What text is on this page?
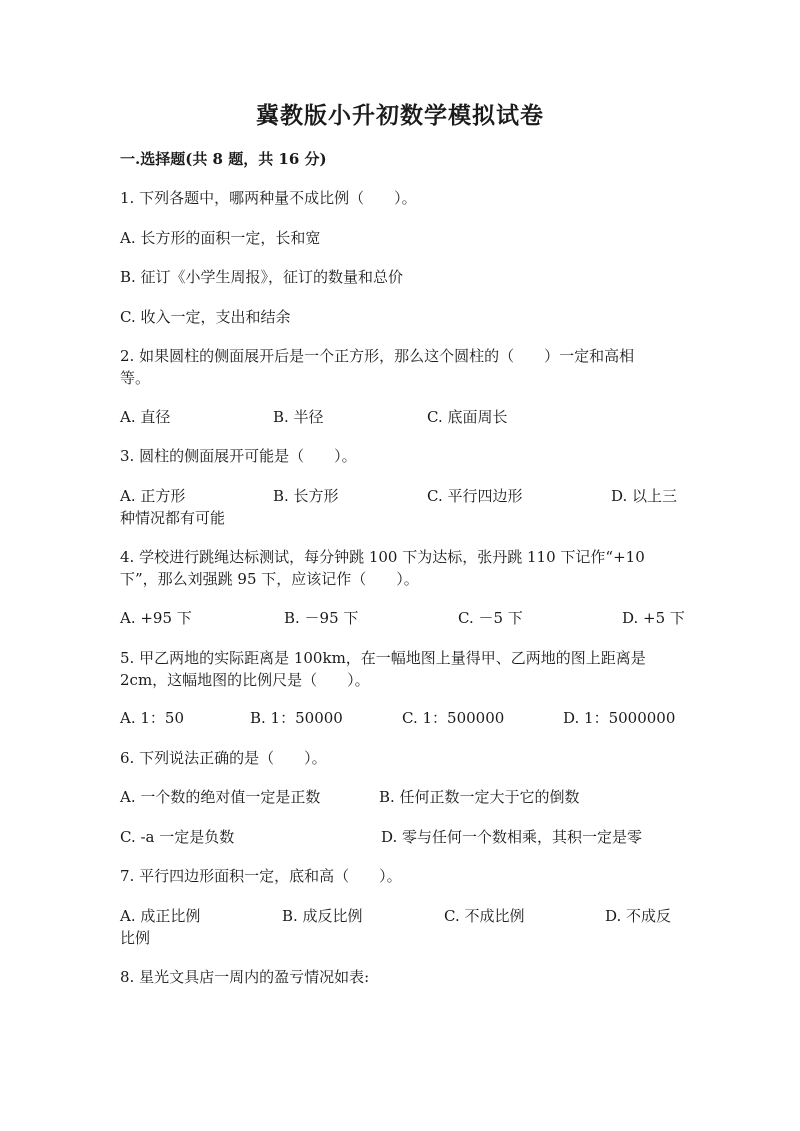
冀教版小升初数学模拟试卷
一.选择题(共 8 题，共 16 分)
1. 下列各题中，哪两种量不成比例（　　）。
A. 长方形的面积一定，长和宽
B. 征订《小学生周报》，征订的数量和总价
C. 收入一定，支出和结余
2. 如果圆柱的侧面展开后是一个正方形，那么这个圆柱的（　　）一定和高相
等。
A. 直径	B. 半径	C. 底面周长
3. 圆柱的侧面展开可能是（　　）。
A. 正方形	B. 长方形	C. 平行四边形	D. 以上三
种情况都有可能
4. 学校进行跳绳达标测试，每分钟跳 100 下为达标，张丹跳 110 下记作“+10
下”，那么刘强跳 95 下，应该记作（　　）。
A. +95 下	B. －95 下	C. －5 下	D. +5 下
5. 甲乙两地的实际距离是 100km，在一幅地图上量得甲、乙两地的图上距离是
2cm，这幅地图的比例尺是（　　）。
A. 1：50	B. 1：50000	C. 1：500000	D. 1：5000000
6. 下列说法正确的是（　　）。
A. 一个数的绝对值一定是正数	B. 任何正数一定大于它的倒数
C. -a 一定是负数	D. 零与任何一个数相乘，其积一定是零
7. 平行四边形面积一定，底和高（　　）。
A. 成正比例	B. 成反比例	C. 不成比例	D. 不成反
比例
8. 星光文具店一周内的盈亏情况如表:
